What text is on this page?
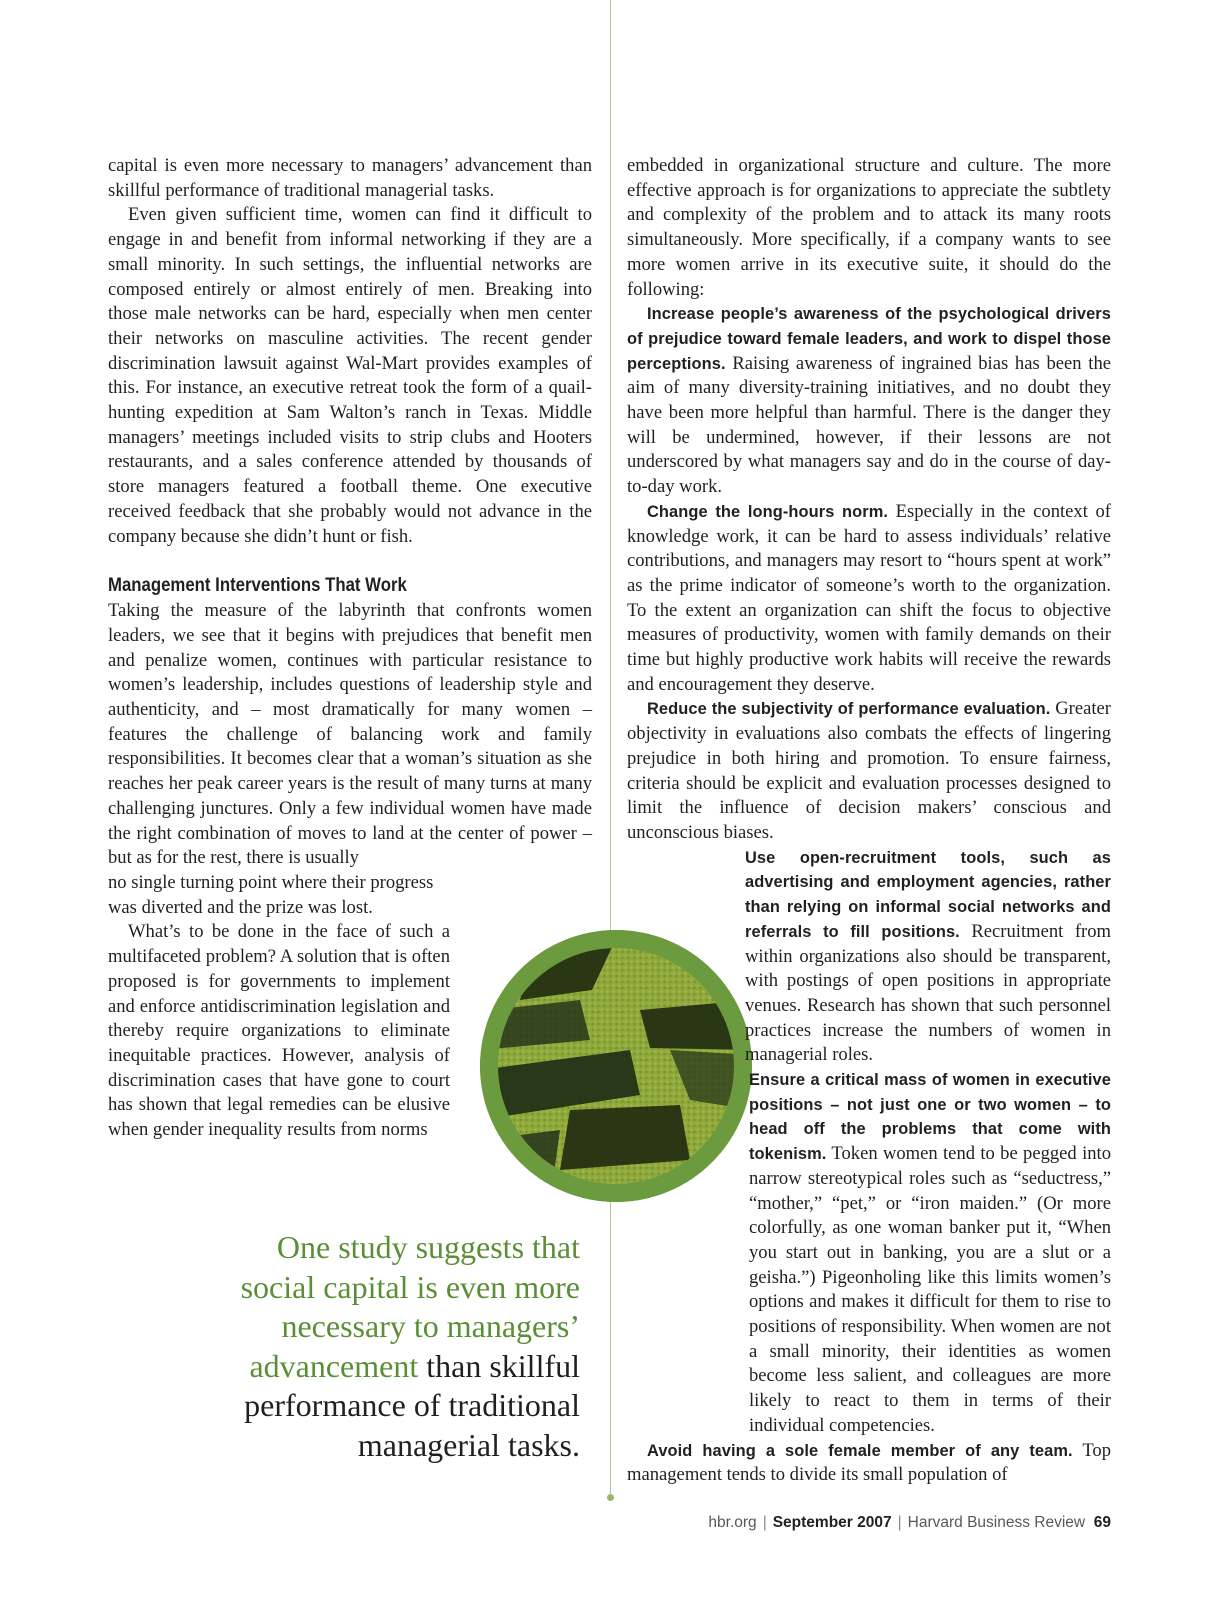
capital is even more necessary to managers’ advancement than skillful performance of traditional managerial tasks.

Even given sufficient time, women can find it difficult to engage in and benefit from informal networking if they are a small minority. In such settings, the influential networks are composed entirely or almost entirely of men. Breaking into those male networks can be hard, especially when men center their networks on masculine activities. The recent gender discrimination lawsuit against Wal-Mart provides examples of this. For instance, an executive retreat took the form of a quail-hunting expedition at Sam Walton’s ranch in Texas. Middle managers’ meetings included visits to strip clubs and Hooters restaurants, and a sales conference attended by thousands of store managers featured a football theme. One executive received feedback that she probably would not advance in the company because she didn’t hunt or fish.

Management Interventions That Work

Taking the measure of the labyrinth that confronts women leaders, we see that it begins with prejudices that benefit men and penalize women, continues with particular resistance to women’s leadership, includes questions of leadership style and authenticity, and – most dramatically for many women – features the challenge of balancing work and family responsibilities. It becomes clear that a woman’s situation as she reaches her peak career years is the result of many turns at many challenging junctures. Only a few individual women have made the right combination of moves to land at the center of power – but as for the rest, there is usually

no single turning point where their progress was diverted and the prize was lost.

What’s to be done in the face of such a multifaceted problem? A solution that is often proposed is for governments to implement and enforce antidiscrimination legislation and thereby require organizations to eliminate inequitable practices. However, analysis of discrimination cases that have gone to court has shown that legal remedies can be elusive when gender inequality results from norms

One study suggests that
social capital is even more
necessary to managers’
advancement than skillful
performance of traditional
managerial tasks.

embedded in organizational structure and culture. The more effective approach is for organizations to appreciate the subtlety and complexity of the problem and to attack its many roots simultaneously. More specifically, if a company wants to see more women arrive in its executive suite, it should do the following:

Increase people’s awareness of the psychological drivers of prejudice toward female leaders, and work to dispel those perceptions. Raising awareness of ingrained bias has been the aim of many diversity-training initiatives, and no doubt they have been more helpful than harmful. There is the danger they will be undermined, however, if their lessons are not underscored by what managers say and do in the course of day-to-day work.

Change the long-hours norm. Especially in the context of knowledge work, it can be hard to assess individuals’ relative contributions, and managers may resort to “hours spent at work” as the prime indicator of someone’s worth to the organization. To the extent an organization can shift the focus to objective measures of productivity, women with family demands on their time but highly productive work habits will receive the rewards and encouragement they deserve.

Reduce the subjectivity of performance evaluation. Greater objectivity in evaluations also combats the effects of lingering prejudice in both hiring and promotion. To ensure fairness, criteria should be explicit and evaluation processes designed to limit the influence of decision makers’ conscious and unconscious biases.

Use open-recruitment tools, such as advertising and employment agencies, rather than relying on informal social networks and referrals to fill positions. Recruitment from within organizations also should be transparent, with postings of open positions in appropriate venues. Research has shown that such personnel practices increase the numbers of women in managerial roles.

Ensure a critical mass of women in executive positions – not just one or two women – to head off the problems that come with tokenism. Token women tend to be pegged into narrow stereotypical roles such as “seductress,” “mother,” “pet,” or “iron maiden.” (Or more colorfully, as one woman banker put it, “When you start out in banking, you are a slut or a geisha.”) Pigeonholing like this limits women’s options and makes it difficult for them to rise to positions of responsibility. When women are not a small minority, their identities as women become less salient, and colleagues are more likely to react to them in terms of their individual competencies.

Avoid having a sole female member of any team. Top management tends to divide its small population of

hbr.org | September 2007 | Harvard Business Review 69
